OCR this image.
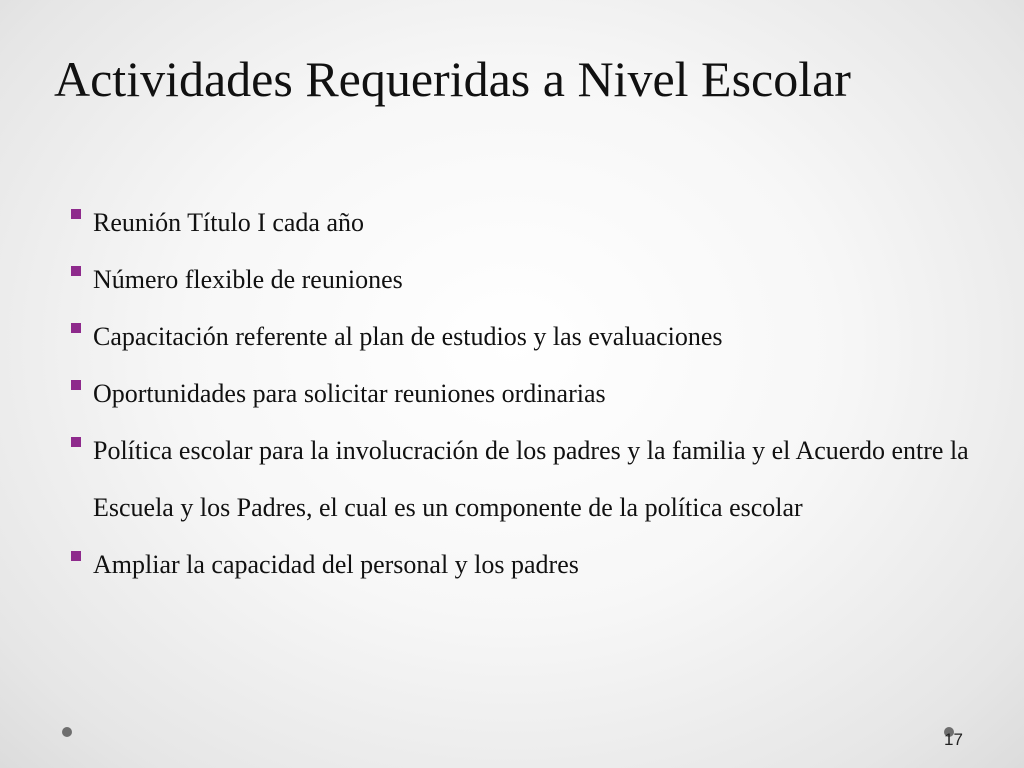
Actividades Requeridas a Nivel Escolar
Reunión Título I cada año
Número flexible de reuniones
Capacitación referente al plan de estudios y las evaluaciones
Oportunidades para solicitar reuniones ordinarias
Política escolar para la involucración de los padres y la familia y el Acuerdo entre la Escuela y los Padres, el cual es un componente de la política escolar
Ampliar la capacidad del personal y los padres
17
